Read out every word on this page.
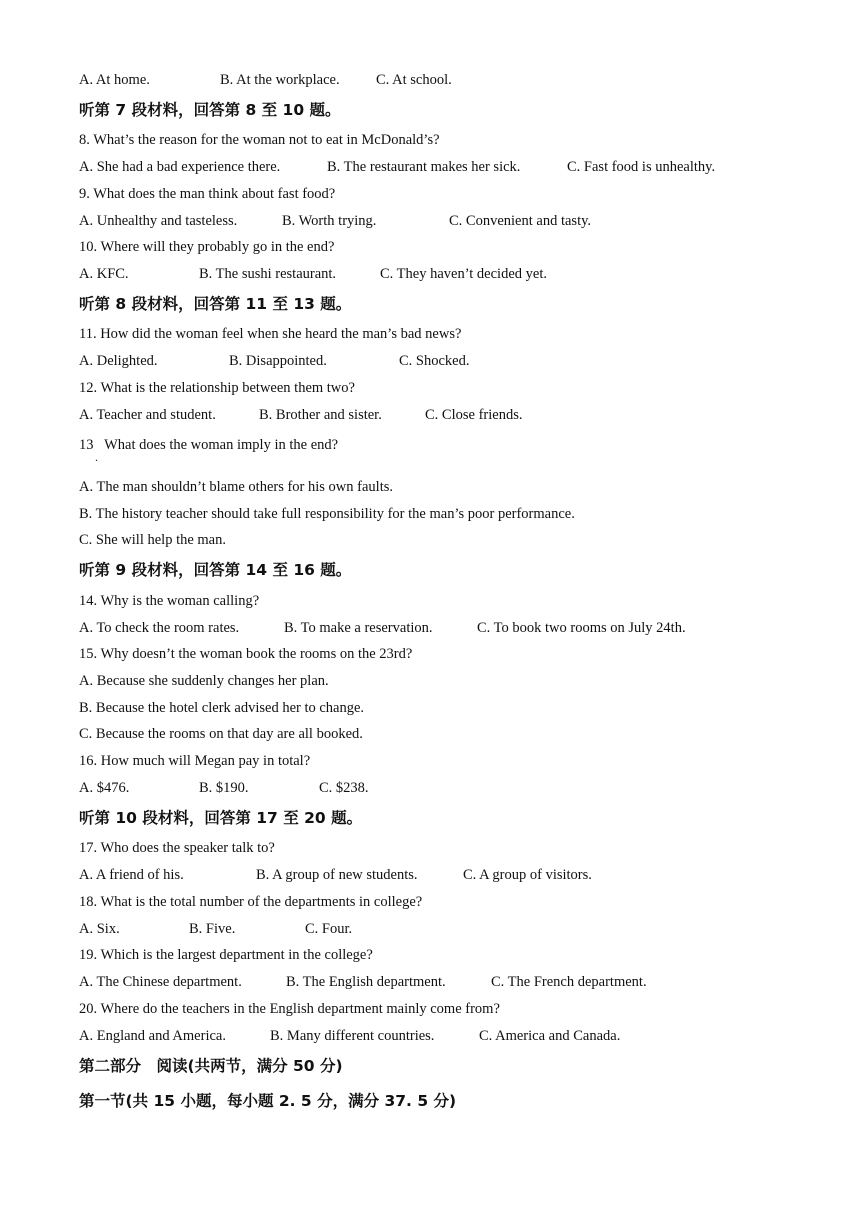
A. At home.	B. At the workplace.	C. At school.
听第 7 段材料，回答第 8 至 10 题。
8. What’s the reason for the woman not to eat in McDonald’s?
A. She had a bad experience there.	B. The restaurant makes her sick.	C. Fast food is unhealthy.
9. What does the man think about fast food?
A. Unhealthy and tasteless.	B. Worth trying.	C. Convenient and tasty.
10. Where will they probably go in the end?
A. KFC.	B. The sushi restaurant.	C. They haven’t decided yet.
听第 8 段材料，回答第 11 至 13 题。
11. How did the woman feel when she heard the man’s bad news?
A. Delighted.	B. Disappointed.	C. Shocked.
12. What is the relationship between them two?
A. Teacher and student.	B. Brother and sister.	C. Close friends.
13   What does the woman imply in the end?
.
A. The man shouldn’t blame others for his own faults.
B. The history teacher should take full responsibility for the man’s poor performance.
C. She will help the man.
听第 9 段材料，回答第 14 至 16 题。
14. Why is the woman calling?
A. To check the room rates.	B. To make a reservation.	C. To book two rooms on July 24th.
15. Why doesn’t the woman book the rooms on the 23rd?
A. Because she suddenly changes her plan.
B. Because the hotel clerk advised her to change.
C. Because the rooms on that day are all booked.
16. How much will Megan pay in total?
A. $476.	B. $190.	C. $238.
听第 10 段材料，回答第 17 至 20 题。
17. Who does the speaker talk to?
A. A friend of his.	B. A group of new students.	C. A group of visitors.
18. What is the total number of the departments in college?
A. Six.	B. Five.	C. Four.
19. Which is the largest department in the college?
A. The Chinese department.	B. The English department.	C. The French department.
20. Where do the teachers in the English department mainly come from?
A. England and America.	B. Many different countries.	C. America and Canada.
第二部分　阅读(共两节，满分 50 分)
第一节(共 15 小题，每小题 2. 5 分，满分 37. 5 分)
